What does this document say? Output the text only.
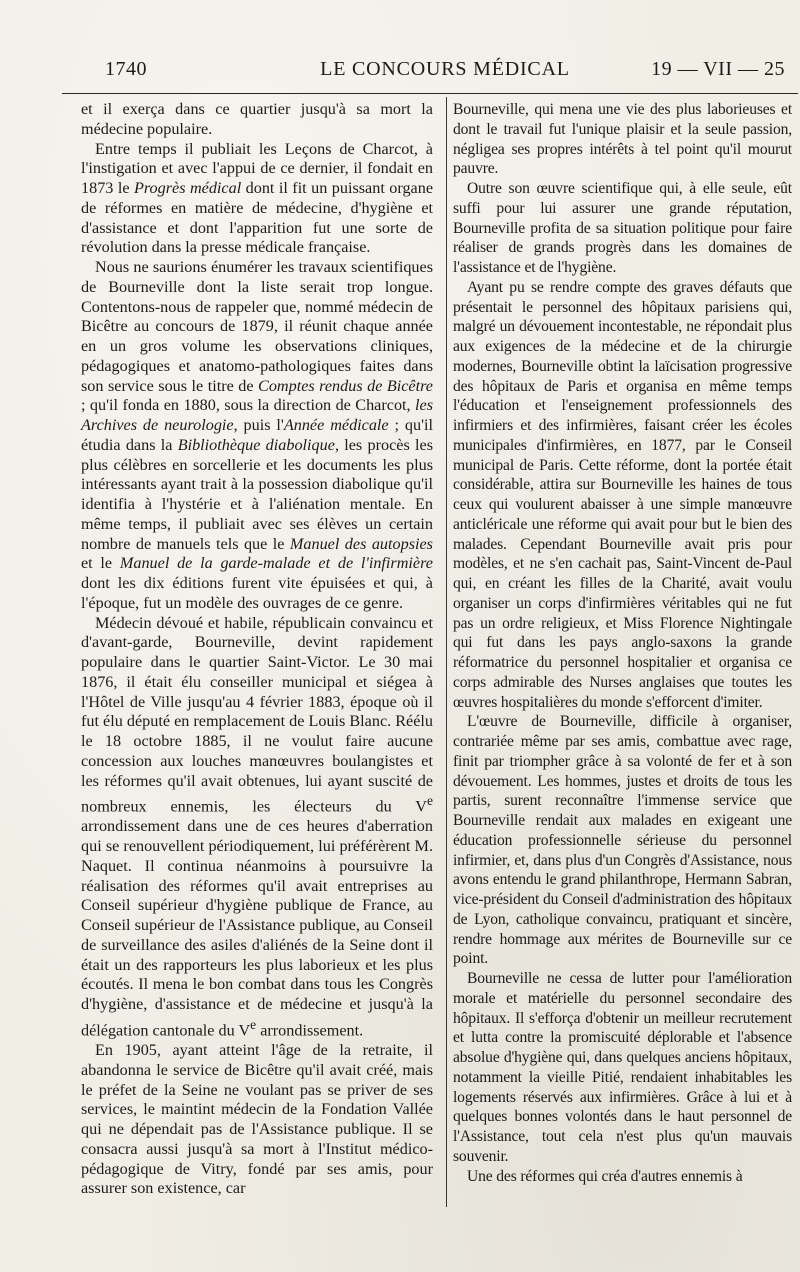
1740	LE CONCOURS MÉDICAL	19 — VII — 25

et il exerça dans ce quartier jusqu'à sa mort la médecine populaire.

Entre temps il publiait les Leçons de Charcot, à l'instigation et avec l'appui de ce dernier, il fondait en 1873 le Progrès médical dont il fit un puissant organe de réformes en matière de médecine, d'hygiène et d'assistance et dont l'apparition fut une sorte de révolution dans la presse médicale française.

Nous ne saurions énumérer les travaux scientifiques de Bourneville dont la liste serait trop longue. Contentons-nous de rappeler que, nommé médecin de Bicêtre au concours de 1879, il réunit chaque année en un gros volume les observations cliniques, pédagogiques et anatomo-pathologiques faites dans son service sous le titre de Comptes rendus de Bicêtre ; qu'il fonda en 1880, sous la direction de Charcot, les Archives de neurologie, puis l'Année médicale ; qu'il étudia dans la Bibliothèque diabolique, les procès les plus célèbres en sorcellerie et les documents les plus intéressants ayant trait à la possession diabolique qu'il identifia à l'hystérie et à l'aliénation mentale. En même temps, il publiait avec ses élèves un certain nombre de manuels tels que le Manuel des autopsies et le Manuel de la garde-malade et de l'infirmière dont les dix éditions furent vite épuisées et qui, à l'époque, fut un modèle des ouvrages de ce genre.

Médecin dévoué et habile, républicain convaincu et d'avant-garde, Bourneville, devint rapidement populaire dans le quartier Saint-Victor. Le 30 mai 1876, il était élu conseiller municipal et siégea à l'Hôtel de Ville jusqu'au 4 février 1883, époque où il fut élu député en remplacement de Louis Blanc. Réélu le 18 octobre 1885, il ne voulut faire aucune concession aux louches manœuvres boulangistes et les réformes qu'il avait obtenues, lui ayant suscité de nombreux ennemis, les électeurs du Ve arrondissement dans une de ces heures d'aberration qui se renouvellent périodiquement, lui préférèrent M. Naquet. Il continua néanmoins à poursuivre la réalisation des réformes qu'il avait entreprises au Conseil supérieur d'hygiène publique de France, au Conseil supérieur de l'Assistance publique, au Conseil de surveillance des asiles d'aliénés de la Seine dont il était un des rapporteurs les plus laborieux et les plus écoutés. Il mena le bon combat dans tous les Congrès d'hygiène, d'assistance et de médecine et jusqu'à la délégation cantonale du Ve arrondissement.

En 1905, ayant atteint l'âge de la retraite, il abandonna le service de Bicêtre qu'il avait créé, mais le préfet de la Seine ne voulant pas se priver de ses services, le maintint médecin de la Fondation Vallée qui ne dépendait pas de l'Assistance publique. Il se consacra aussi jusqu'à sa mort à l'Institut médico-pédagogique de Vitry, fondé par ses amis, pour assurer son existence, car

Bourneville, qui mena une vie des plus laborieuses et dont le travail fut l'unique plaisir et la seule passion, négligea ses propres intérêts à tel point qu'il mourut pauvre.

Outre son œuvre scientifique qui, à elle seule, eût suffi pour lui assurer une grande réputation, Bourneville profita de sa situation politique pour faire réaliser de grands progrès dans les domaines de l'assistance et de l'hygiène.

Ayant pu se rendre compte des graves défauts que présentait le personnel des hôpitaux parisiens qui, malgré un dévouement incontestable, ne répondait plus aux exigences de la médecine et de la chirurgie modernes, Bourneville obtint la laïcisation progressive des hôpitaux de Paris et organisa en même temps l'éducation et l'enseignement professionnels des infirmiers et des infirmières, faisant créer les écoles municipales d'infirmières, en 1877, par le Conseil municipal de Paris. Cette réforme, dont la portée était considérable, attira sur Bourneville les haines de tous ceux qui voulurent abaisser à une simple manœuvre anticléricale une réforme qui avait pour but le bien des malades. Cependant Bourneville avait pris pour modèles, et ne s'en cachait pas, Saint-Vincent de-Paul qui, en créant les filles de la Charité, avait voulu organiser un corps d'infirmières véritables qui ne fut pas un ordre religieux, et Miss Florence Nightingale qui fut dans les pays anglo-saxons la grande réformatrice du personnel hospitalier et organisa ce corps admirable des Nurses anglaises que toutes les œuvres hospitalières du monde s'efforcent d'imiter.

L'œuvre de Bourneville, difficile à organiser, contrariée même par ses amis, combattue avec rage, finit par triompher grâce à sa volonté de fer et à son dévouement. Les hommes, justes et droits de tous les partis, surent reconnaître l'immense service que Bourneville rendait aux malades en exigeant une éducation professionnelle sérieuse du personnel infirmier, et, dans plus d'un Congrès d'Assistance, nous avons entendu le grand philanthrope, Hermann Sabran, vice-président du Conseil d'administration des hôpitaux de Lyon, catholique convaincu, pratiquant et sincère, rendre hommage aux mérites de Bourneville sur ce point.

Bourneville ne cessa de lutter pour l'amélioration morale et matérielle du personnel secondaire des hôpitaux. Il s'efforça d'obtenir un meilleur recrutement et lutta contre la promiscuité déplorable et l'absence absolue d'hygiène qui, dans quelques anciens hôpitaux, notamment la vieille Pitié, rendaient inhabitables les logements réservés aux infirmières. Grâce à lui et à quelques bonnes volontés dans le haut personnel de l'Assistance, tout cela n'est plus qu'un mauvais souvenir.

Une des réformes qui créa d'autres ennemis à
